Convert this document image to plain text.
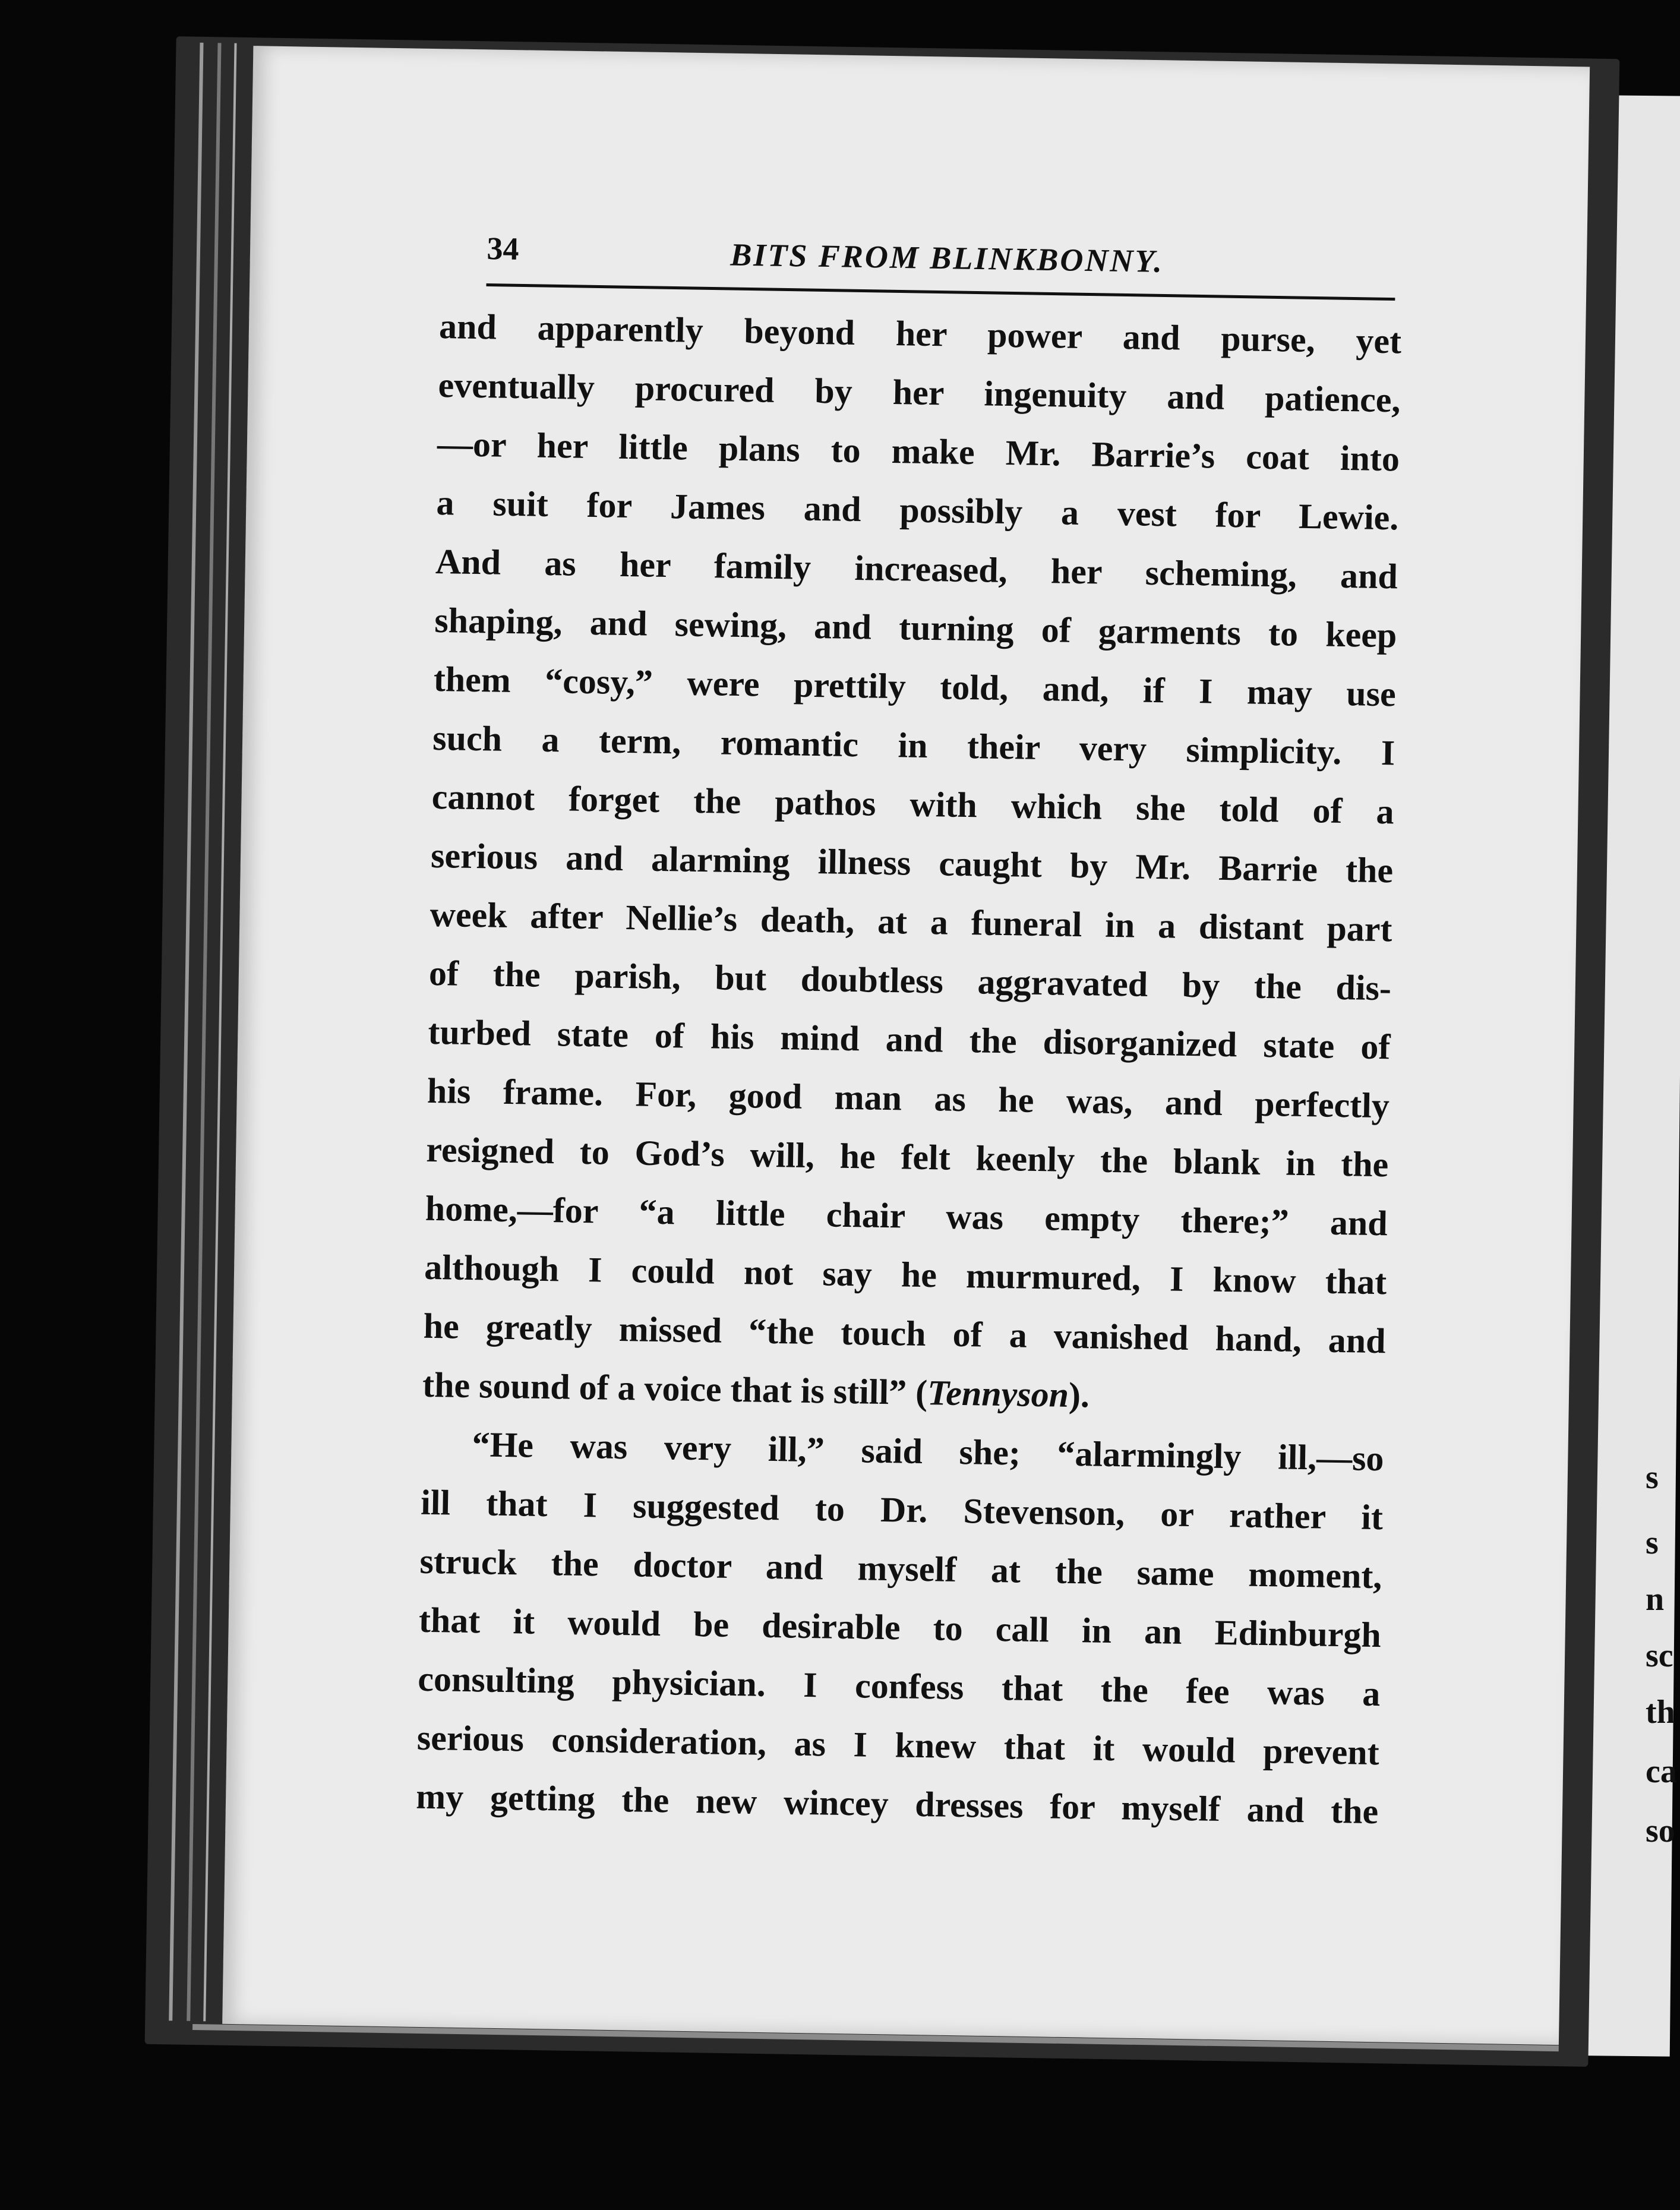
34	BITS FROM BLINKBONNY.
and apparently beyond her power and purse, yet
eventually procured by her ingenuity and patience,
—or her little plans to make Mr. Barrie’s coat into
a suit for James and possibly a vest for Lewie.
And as her family increased, her scheming, and
shaping, and sewing, and turning of garments to keep
them “cosy,” were prettily told, and, if I may use
such a term, romantic in their very simplicity. I
cannot forget the pathos with which she told of a
serious and alarming illness caught by Mr. Barrie the
week after Nellie’s death, at a funeral in a distant part
of the parish, but doubtless aggravated by the dis-
turbed state of his mind and the disorganized state of
his frame. For, good man as he was, and perfectly
resigned to God’s will, he felt keenly the blank in the
home,—for “a little chair was empty there;” and
although I could not say he murmured, I know that
he greatly missed “the touch of a vanished hand, and
the sound of a voice that is still” (Tennyson).
“He was very ill,” said she; “alarmingly ill,—so
ill that I suggested to Dr. Stevenson, or rather it
struck the doctor and myself at the same moment,
that it would be desirable to call in an Edinburgh
consulting physician. I confess that the fee was a
serious consideration, as I knew that it would prevent
my getting the new wincey dresses for myself and the
s
s
n
sc
th
ca
so
